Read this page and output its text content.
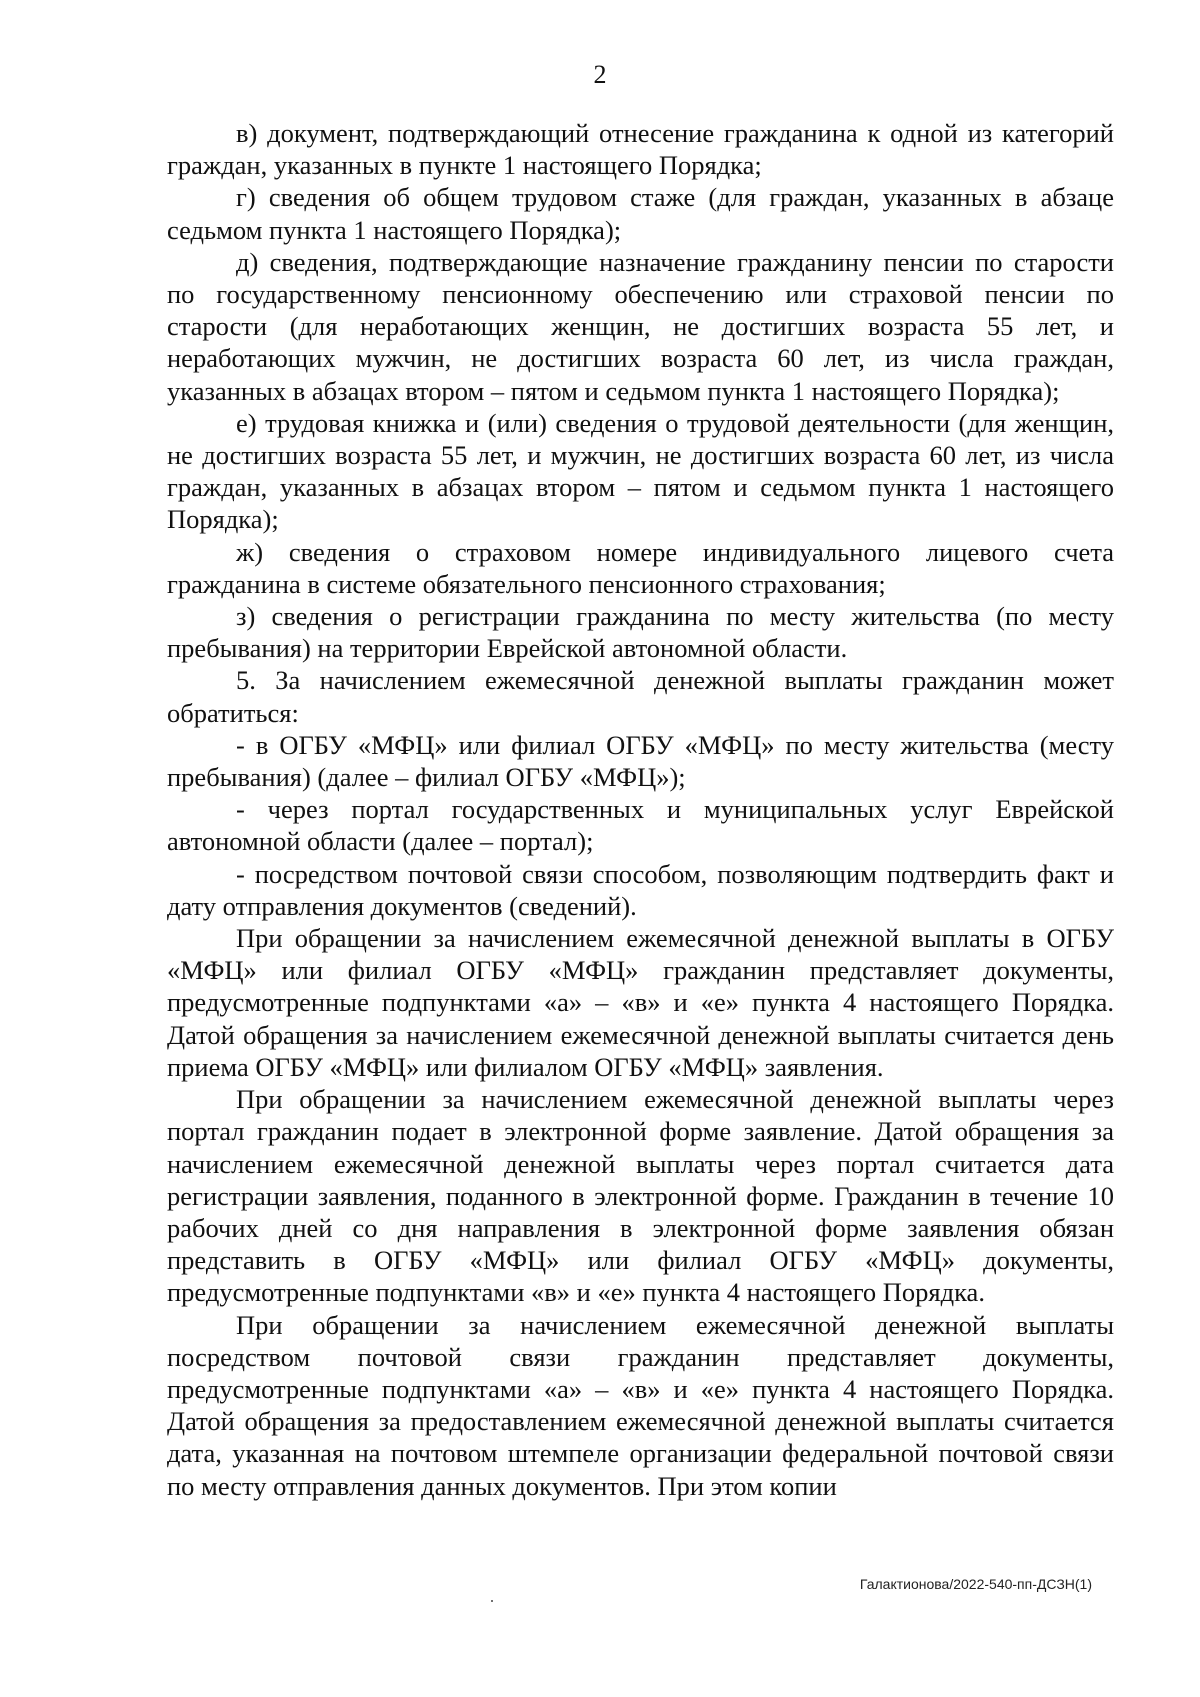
2

в) документ, подтверждающий отнесение гражданина к одной из категорий граждан, указанных в пункте 1 настоящего Порядка;

г) сведения об общем трудовом стаже (для граждан, указанных в абзаце седьмом пункта 1 настоящего Порядка);

д) сведения, подтверждающие назначение гражданину пенсии по старости по государственному пенсионному обеспечению или страховой пенсии по старости (для неработающих женщин, не достигших возраста 55 лет, и неработающих мужчин, не достигших возраста 60 лет, из числа граждан, указанных в абзацах втором – пятом и седьмом пункта 1 настоящего Порядка);

е) трудовая книжка и (или) сведения о трудовой деятельности (для женщин, не достигших возраста 55 лет, и мужчин, не достигших возраста 60 лет, из числа граждан, указанных в абзацах втором – пятом и седьмом пункта 1 настоящего Порядка);

ж) сведения о страховом номере индивидуального лицевого счета гражданина в системе обязательного пенсионного страхования;

з) сведения о регистрации гражданина по месту жительства (по месту пребывания) на территории Еврейской автономной области.

5. За начислением ежемесячной денежной выплаты гражданин может обратиться:

- в ОГБУ «МФЦ» или филиал ОГБУ «МФЦ» по месту жительства (месту пребывания) (далее – филиал ОГБУ «МФЦ»);

- через портал государственных и муниципальных услуг Еврейской автономной области (далее – портал);

- посредством почтовой связи способом, позволяющим подтвердить факт и дату отправления документов (сведений).

При обращении за начислением ежемесячной денежной выплаты в ОГБУ «МФЦ» или филиал ОГБУ «МФЦ» гражданин представляет документы, предусмотренные подпунктами «а» – «в» и «е» пункта 4 настоящего Порядка. Датой обращения за начислением ежемесячной денежной выплаты считается день приема ОГБУ «МФЦ» или филиалом ОГБУ «МФЦ» заявления.

При обращении за начислением ежемесячной денежной выплаты через портал гражданин подает в электронной форме заявление. Датой обращения за начислением ежемесячной денежной выплаты через портал считается дата регистрации заявления, поданного в электронной форме. Гражданин в течение 10 рабочих дней со дня направления в электронной форме заявления обязан представить в ОГБУ «МФЦ» или филиал ОГБУ «МФЦ» документы, предусмотренные подпунктами «в» и «е» пункта 4 настоящего Порядка.

При обращении за начислением ежемесячной денежной выплаты посредством почтовой связи гражданин представляет документы, предусмотренные подпунктами «а» – «в» и «е» пункта 4 настоящего Порядка. Датой обращения за предоставлением ежемесячной денежной выплаты считается дата, указанная на почтовом штемпеле организации федеральной почтовой связи по месту отправления данных документов. При этом копии

Галактионова/2022-540-пп-ДСЗН(1)
